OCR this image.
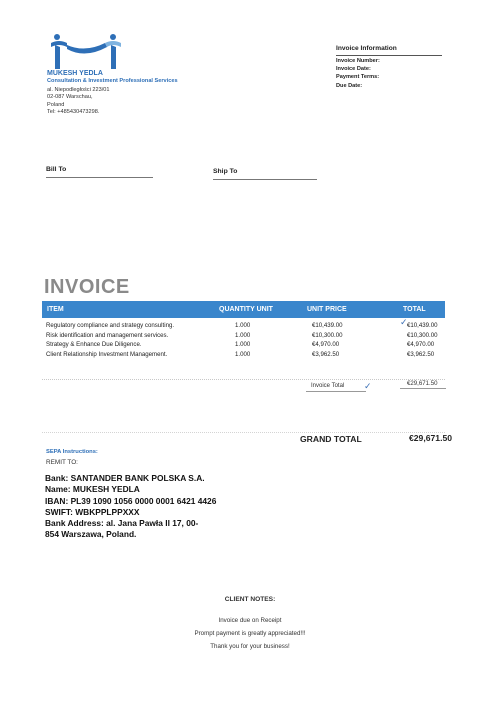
MUKESH YEDLA
Consultation & Investment Professional Services
al. Niepodległości 223/01
02-087 Warschau,
Poland
Tel: +485430473298.
Invoice Information
Invoice Number:
Invoice Date:
Payment Terms:
Due Date:
Bill To	Ship To
INVOICE
ITEM	QUANTITY UNIT	UNIT PRICE	TOTAL
✓
Regulatory compliance and strategy consulting.	1.000	€10,439.00	€10,439.00
Risk identification and management services.	1.000	€10,300.00	€10,300.00
Strategy & Enhance Due Diligence.	1.000	€4,970.00	€4,970.00
Client Relationship Investment Management.	1.000	€3,962.50	€3,962.50
Invoice Total ✓	€29,671.50
GRAND TOTAL	€29,671.50
SEPA Instructions:
REMIT TO:
Bank: SANTANDER BANK POLSKA S.A.
Name: MUKESH YEDLA
IBAN: PL39 1090 1056 0000 0001 6421 4426
SWIFT: WBKPPLPPXXX
Bank Address: al. Jana Pawła II 17, 00-
854 Warszawa, Poland.
CLIENT NOTES:
Invoice due on Receipt
Prompt payment is greatly appreciated!!!
Thank you for your business!
